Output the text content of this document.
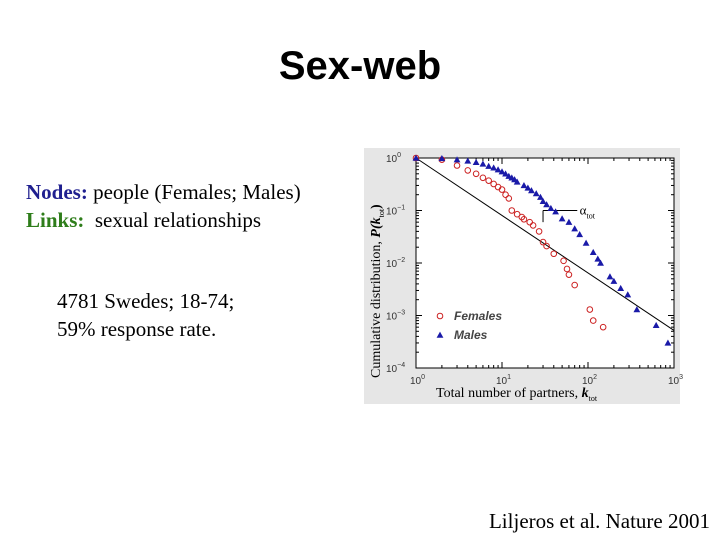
Sex-web
Nodes: people (Females; Males)
Links:  sexual relationships
4781 Swedes; 18-74;
59% response rate.
$10^0$	$10^1$	$10^2$	$10^3$
$10^0$
$10^{-1}$
$10^{-2}$
$10^{-3}$
$10^{-4}$
$\alpha_{tot}$
Females
Males
Total number of partners, $k_{tot}$
Cumulative distribution, $P(k_{tot})$
Liljeros et al. Nature 2001
